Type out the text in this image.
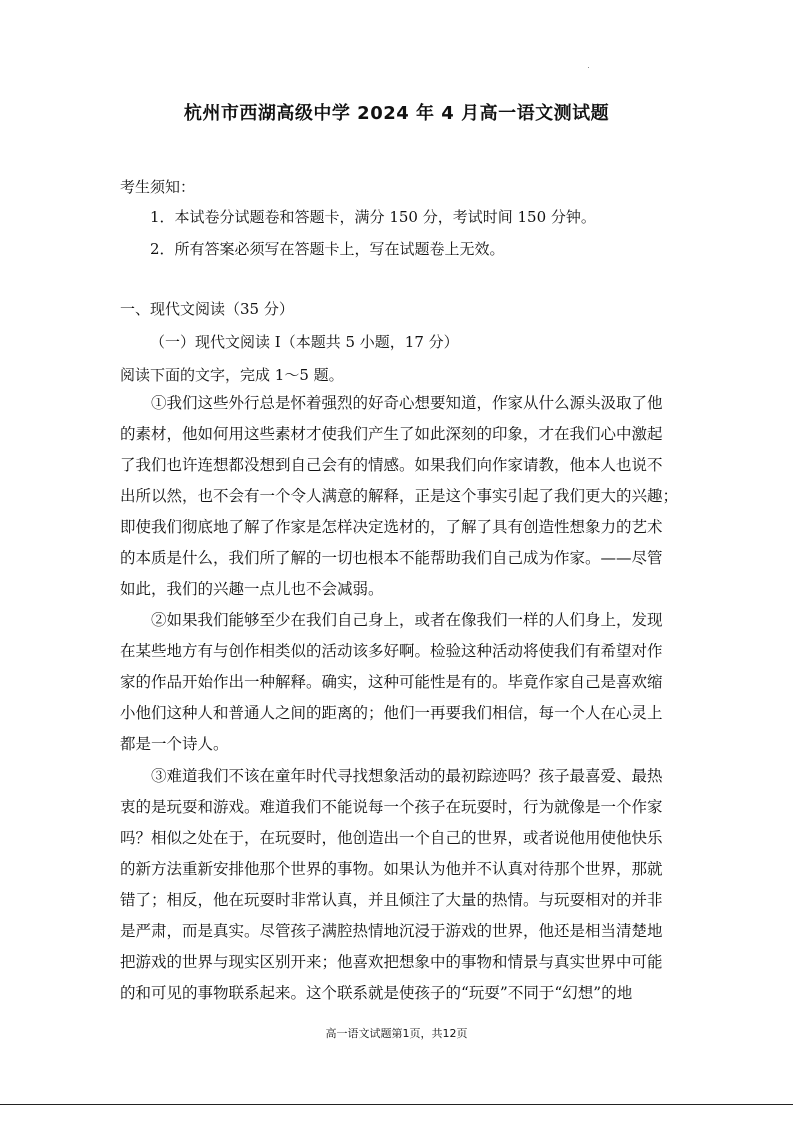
杭州市西湖高级中学 2024 年 4 月高一语文测试题
考生须知：
1．本试卷分试题卷和答题卡，满分 150 分，考试时间 150 分钟。
2．所有答案必须写在答题卡上，写在试题卷上无效。
一、现代文阅读（35 分）
（一）现代文阅读 I（本题共 5 小题，17 分）
阅读下面的文字，完成 1～5 题。
①我们这些外行总是怀着强烈的好奇心想要知道，作家从什么源头汲取了他
的素材，他如何用这些素材才使我们产生了如此深刻的印象，才在我们心中激起
了我们也许连想都没想到自己会有的情感。如果我们向作家请教，他本人也说不
出所以然，也不会有一个令人满意的解释，正是这个事实引起了我们更大的兴趣；
即使我们彻底地了解了作家是怎样决定选材的，了解了具有创造性想象力的艺术
的本质是什么，我们所了解的一切也根本不能帮助我们自己成为作家。——尽管
如此，我们的兴趣一点儿也不会减弱。
②如果我们能够至少在我们自己身上，或者在像我们一样的人们身上，发现
在某些地方有与创作相类似的活动该多好啊。检验这种活动将使我们有希望对作
家的作品开始作出一种解释。确实，这种可能性是有的。毕竟作家自己是喜欢缩
小他们这种人和普通人之间的距离的；他们一再要我们相信，每一个人在心灵上
都是一个诗人。
③难道我们不该在童年时代寻找想象活动的最初踪迹吗？孩子最喜爱、最热
衷的是玩耍和游戏。难道我们不能说每一个孩子在玩耍时，行为就像是一个作家
吗？相似之处在于，在玩耍时，他创造出一个自己的世界，或者说他用使他快乐
的新方法重新安排他那个世界的事物。如果认为他并不认真对待那个世界，那就
错了；相反，他在玩耍时非常认真，并且倾注了大量的热情。与玩耍相对的并非
是严肃，而是真实。尽管孩子满腔热情地沉浸于游戏的世界，他还是相当清楚地
把游戏的世界与现实区别开来；他喜欢把想象中的事物和情景与真实世界中可能
的和可见的事物联系起来。这个联系就是使孩子的“玩耍”不同于“幻想”的地
高一语文试题第1页，共12页
